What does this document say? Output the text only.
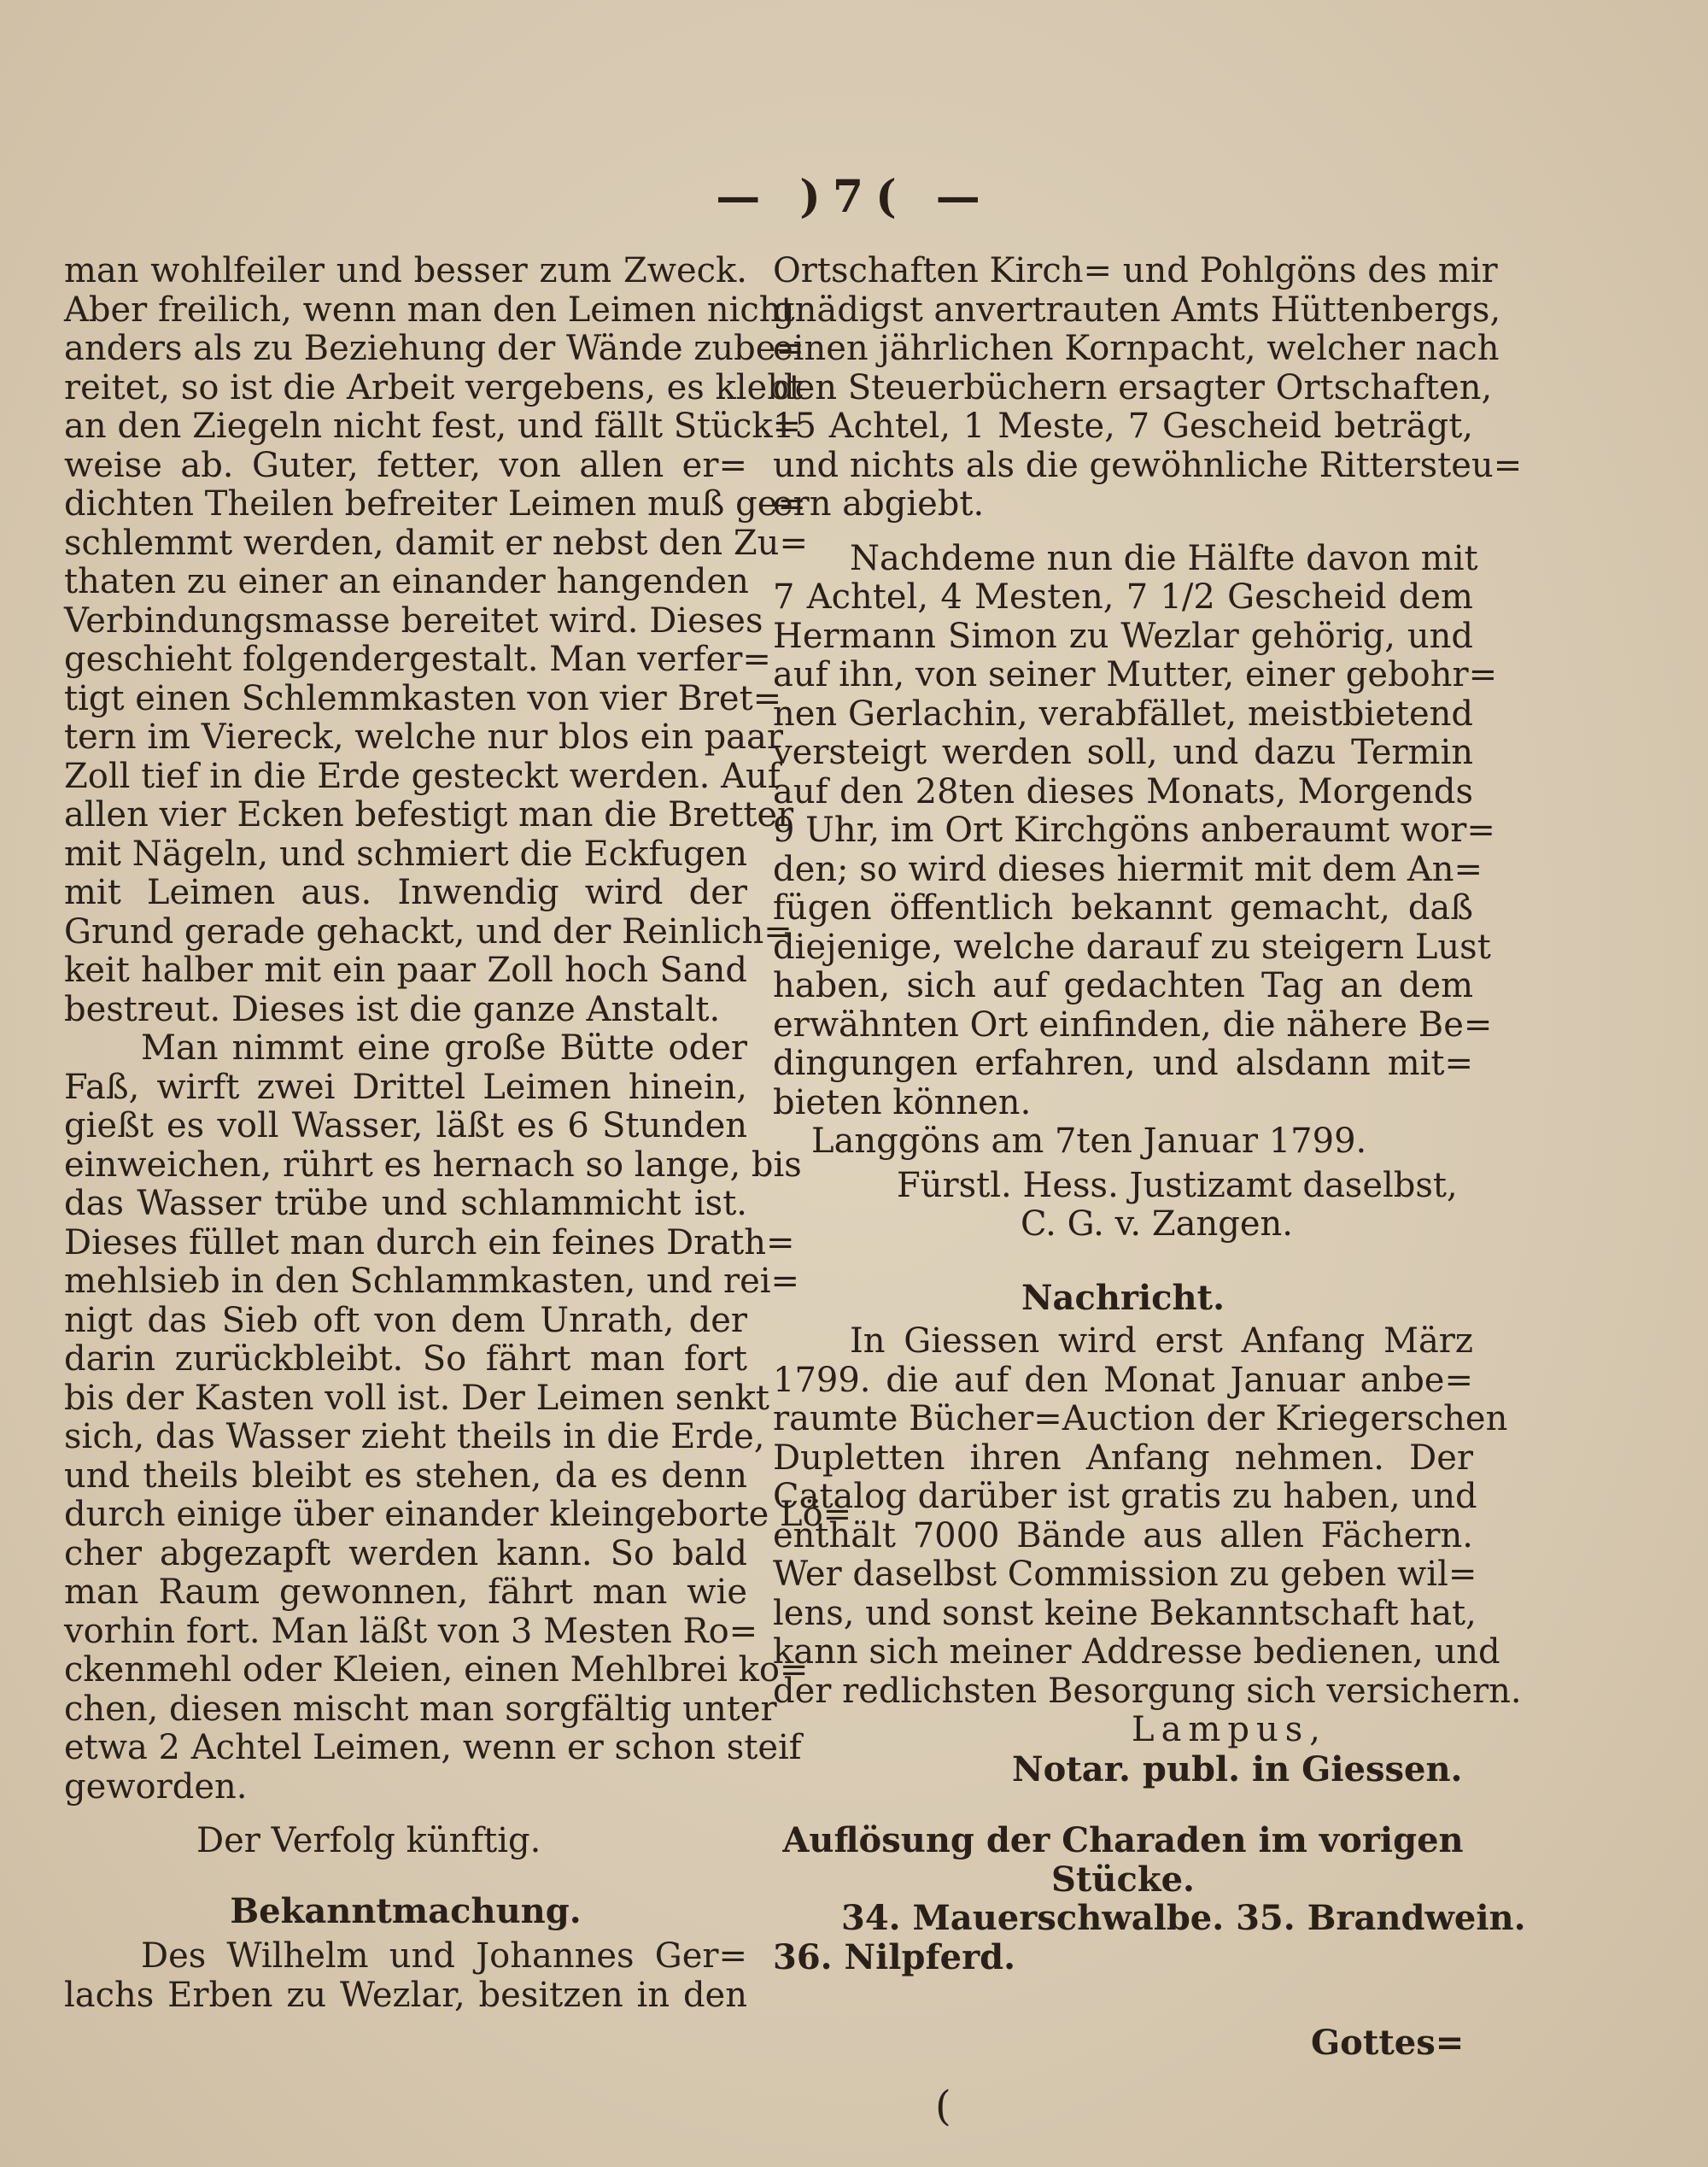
— )7( —
man wohlfeiler und besser zum Zweck.
Aber freilich, wenn man den Leimen nicht
anders als zu Beziehung der Wände zube=
reitet, so ist die Arbeit vergebens, es klebt
an den Ziegeln nicht fest, und fällt Stück=
weise ab. Guter, fetter, von allen er=
dichten Theilen befreiter Leimen muß ge=
schlemmt werden, damit er nebst den Zu=
thaten zu einer an einander hangenden
Verbindungsmasse bereitet wird. Dieses
geschieht folgendergestalt. Man verfer=
tigt einen Schlemmkasten von vier Bret=
tern im Viereck, welche nur blos ein paar
Zoll tief in die Erde gesteckt werden. Auf
allen vier Ecken befestigt man die Bretter
mit Nägeln, und schmiert die Eckfugen
mit Leimen aus. Inwendig wird der
Grund gerade gehackt, und der Reinlich=
keit halber mit ein paar Zoll hoch Sand
bestreut. Dieses ist die ganze Anstalt.
Man nimmt eine große Bütte oder
Faß, wirft zwei Drittel Leimen hinein,
gießt es voll Wasser, läßt es 6 Stunden
einweichen, rührt es hernach so lange, bis
das Wasser trübe und schlammicht ist.
Dieses füllet man durch ein feines Drath=
mehlsieb in den Schlammkasten, und rei=
nigt das Sieb oft von dem Unrath, der
darin zurückbleibt. So fährt man fort
bis der Kasten voll ist. Der Leimen senkt
sich, das Wasser zieht theils in die Erde,
und theils bleibt es stehen, da es denn
durch einige über einander kleingeborte Lö=
cher abgezapft werden kann. So bald
man Raum gewonnen, fährt man wie
vorhin fort. Man läßt von 3 Mesten Ro=
ckenmehl oder Kleien, einen Mehlbrei ko=
chen, diesen mischt man sorgfältig unter
etwa 2 Achtel Leimen, wenn er schon steif
geworden.
Der Verfolg künftig.
Bekanntmachung.
Des Wilhelm und Johannes Ger=
lachs Erben zu Wezlar, besitzen in den
Ortschaften Kirch= und Pohlgöns des mir
gnädigst anvertrauten Amts Hüttenbergs,
einen jährlichen Kornpacht, welcher nach
den Steuerbüchern ersagter Ortschaften,
15 Achtel, 1 Meste, 7 Gescheid beträgt,
und nichts als die gewöhnliche Rittersteu=
ern abgiebt.
Nachdeme nun die Hälfte davon mit
7 Achtel, 4 Mesten, 7 1/2 Gescheid dem
Hermann Simon zu Wezlar gehörig, und
auf ihn, von seiner Mutter, einer gebohr=
nen Gerlachin, verabfället, meistbietend
versteigt werden soll, und dazu Termin
auf den 28ten dieses Monats, Morgends
9 Uhr, im Ort Kirchgöns anberaumt wor=
den; so wird dieses hiermit mit dem An=
fügen öffentlich bekannt gemacht, daß
diejenige, welche darauf zu steigern Lust
haben, sich auf gedachten Tag an dem
erwähnten Ort einfinden, die nähere Be=
dingungen erfahren, und alsdann mit=
bieten können.
Langgöns am 7ten Januar 1799.
Fürstl. Hess. Justizamt daselbst,
C. G. v. Zangen.
Nachricht.
In Giessen wird erst Anfang März
1799. die auf den Monat Januar anbe=
raumte Bücher=Auction der Kriegerschen
Dupletten ihren Anfang nehmen. Der
Catalog darüber ist gratis zu haben, und
enthält 7000 Bände aus allen Fächern.
Wer daselbst Commission zu geben wil=
lens, und sonst keine Bekanntschaft hat,
kann sich meiner Addresse bedienen, und
der redlichsten Besorgung sich versichern.
Lampus,
Notar. publ. in Giessen.
Auflösung der Charaden im vorigen
Stücke.
34. Mauerschwalbe. 35. Brandwein.
36. Nilpferd.
Gottes=
(
